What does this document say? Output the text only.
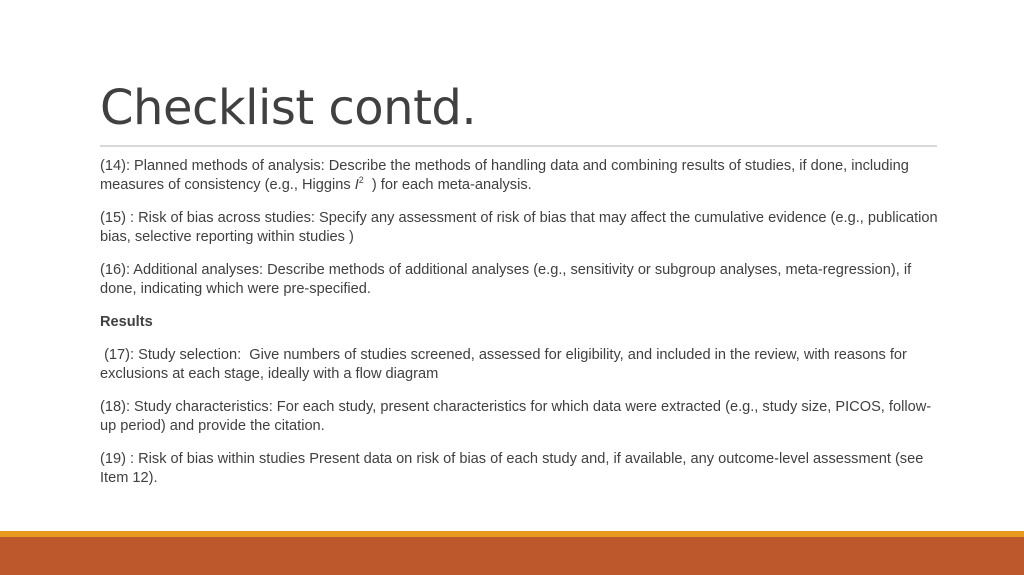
Checklist contd.

(14): Planned methods of analysis: Describe the methods of handling data and combining results of studies, if done, including measures of consistency (e.g., Higgins $I^2$  ) for each meta-analysis.

(15) : Risk of bias across studies: Specify any assessment of risk of bias that may affect the cumulative evidence (e.g., publication bias, selective reporting within studies )

(16): Additional analyses: Describe methods of additional analyses (e.g., sensitivity or subgroup analyses, meta-regression), if done, indicating which were pre-specified.

Results

(17): Study selection:  Give numbers of studies screened, assessed for eligibility, and included in the review, with reasons for exclusions at each stage, ideally with a flow diagram

(18): Study characteristics: For each study, present characteristics for which data were extracted (e.g., study size, PICOS, follow-up period) and provide the citation.

(19) : Risk of bias within studies Present data on risk of bias of each study and, if available, any outcome-level assessment (see Item 12).
